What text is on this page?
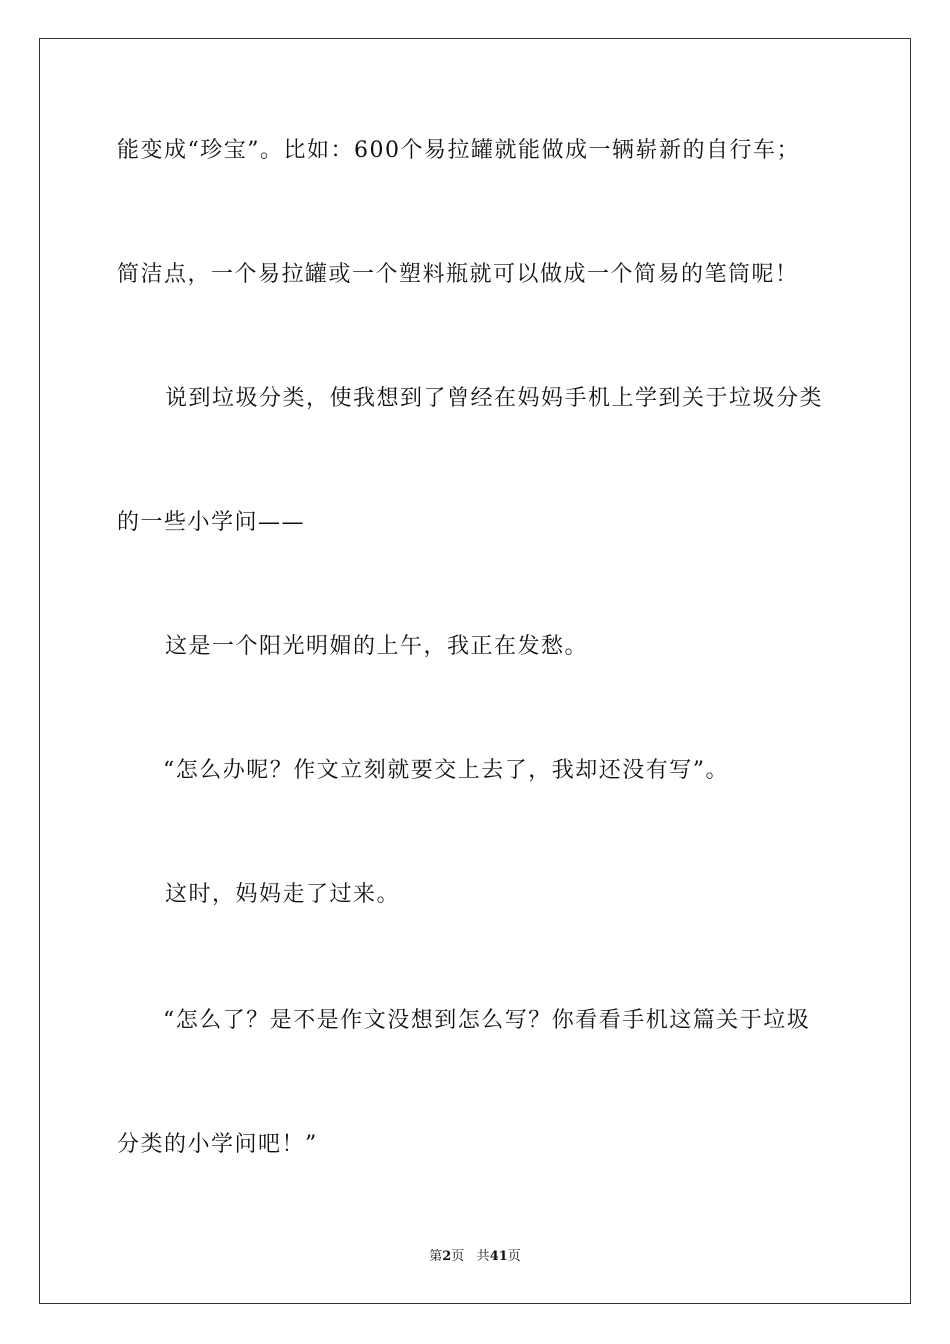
能变成“珍宝”。比如：600个易拉罐就能做成一辆崭新的自行车；
简洁点，一个易拉罐或一个塑料瓶就可以做成一个简易的笔筒呢！
说到垃圾分类，使我想到了曾经在妈妈手机上学到关于垃圾分类
的一些小学问——
这是一个阳光明媚的上午，我正在发愁。
“怎么办呢？作文立刻就要交上去了，我却还没有写”。
这时，妈妈走了过来。
“怎么了？是不是作文没想到怎么写？你看看手机这篇关于垃圾
分类的小学问吧！”
第2页 共41页
